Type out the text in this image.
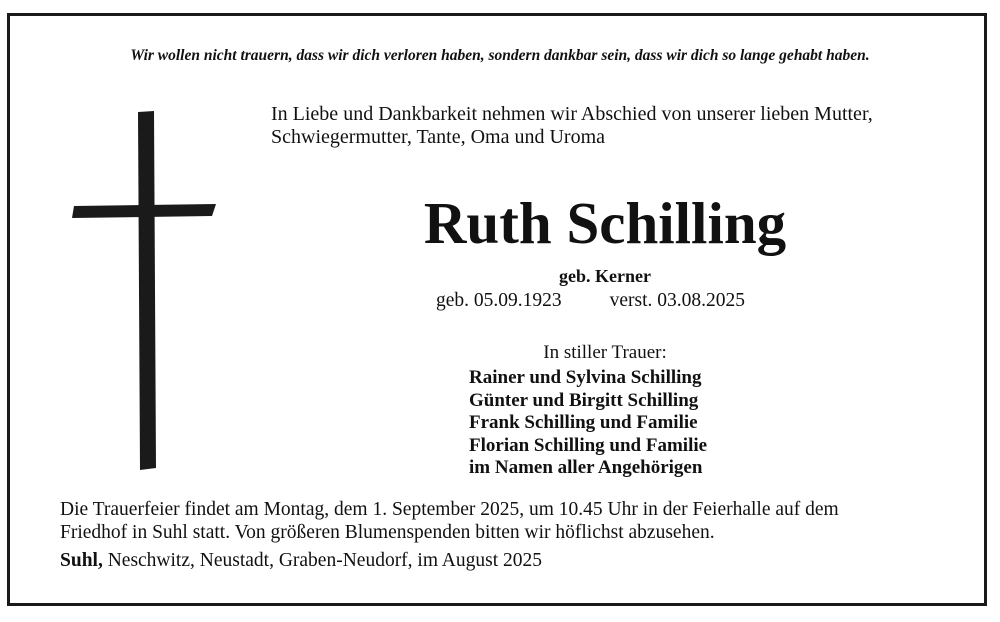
Wir wollen nicht trauern, dass wir dich verloren haben, sondern dankbar sein, dass wir dich so lange gehabt haben.
In Liebe und Dankbarkeit nehmen wir Abschied von unserer lieben Mutter,
Schwiegermutter, Tante, Oma und Uroma
Ruth Schilling
geb. Kerner
geb. 05.09.1923 verst. 03.08.2025
In stiller Trauer:
Rainer und Sylvina Schilling
Günter und Birgitt Schilling
Frank Schilling und Familie
Florian Schilling und Familie
im Namen aller Angehörigen
Die Trauerfeier findet am Montag, dem 1. September 2025, um 10.45 Uhr in der Feierhalle auf dem
Friedhof in Suhl statt. Von größeren Blumenspenden bitten wir höflichst abzusehen.
Suhl, Neschwitz, Neustadt, Graben-Neudorf, im August 2025
